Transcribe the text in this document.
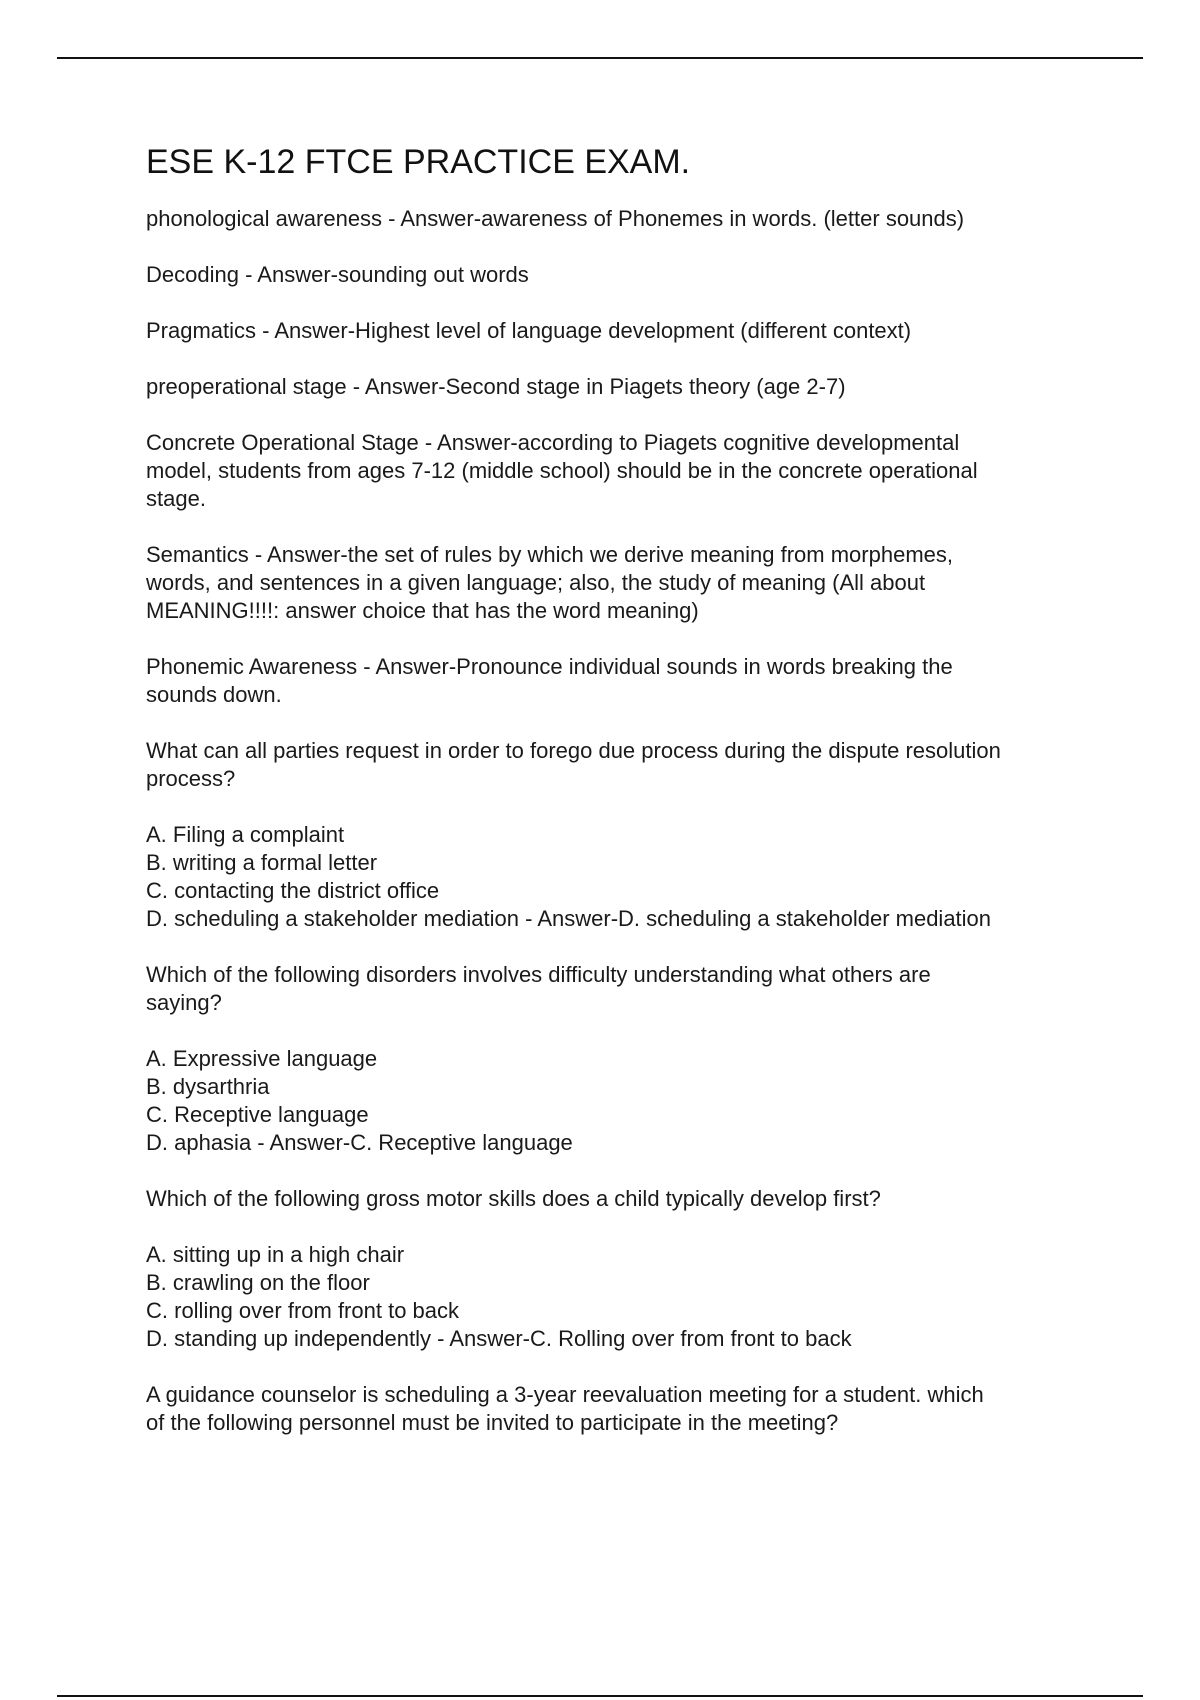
ESE K-12 FTCE PRACTICE EXAM.

phonological awareness - Answer-awareness of Phonemes in words. (letter sounds)

Decoding - Answer-sounding out words

Pragmatics - Answer-Highest level of language development (different context)

preoperational stage - Answer-Second stage in Piagets theory (age 2-7)

Concrete Operational Stage - Answer-according to Piagets cognitive developmental
model, students from ages 7-12 (middle school) should be in the concrete operational
stage.

Semantics - Answer-the set of rules by which we derive meaning from morphemes,
words, and sentences in a given language; also, the study of meaning (All about
MEANING!!!!: answer choice that has the word meaning)

Phonemic Awareness - Answer-Pronounce individual sounds in words breaking the
sounds down.

What can all parties request in order to forego due process during the dispute resolution
process?

A. Filing a complaint
B. writing a formal letter
C. contacting the district office
D. scheduling a stakeholder mediation - Answer-D. scheduling a stakeholder mediation

Which of the following disorders involves difficulty understanding what others are
saying?

A. Expressive language
B. dysarthria
C. Receptive language
D. aphasia - Answer-C. Receptive language

Which of the following gross motor skills does a child typically develop first?

A. sitting up in a high chair
B. crawling on the floor
C. rolling over from front to back
D. standing up independently - Answer-C. Rolling over from front to back

A guidance counselor is scheduling a 3-year reevaluation meeting for a student. which
of the following personnel must be invited to participate in the meeting?
